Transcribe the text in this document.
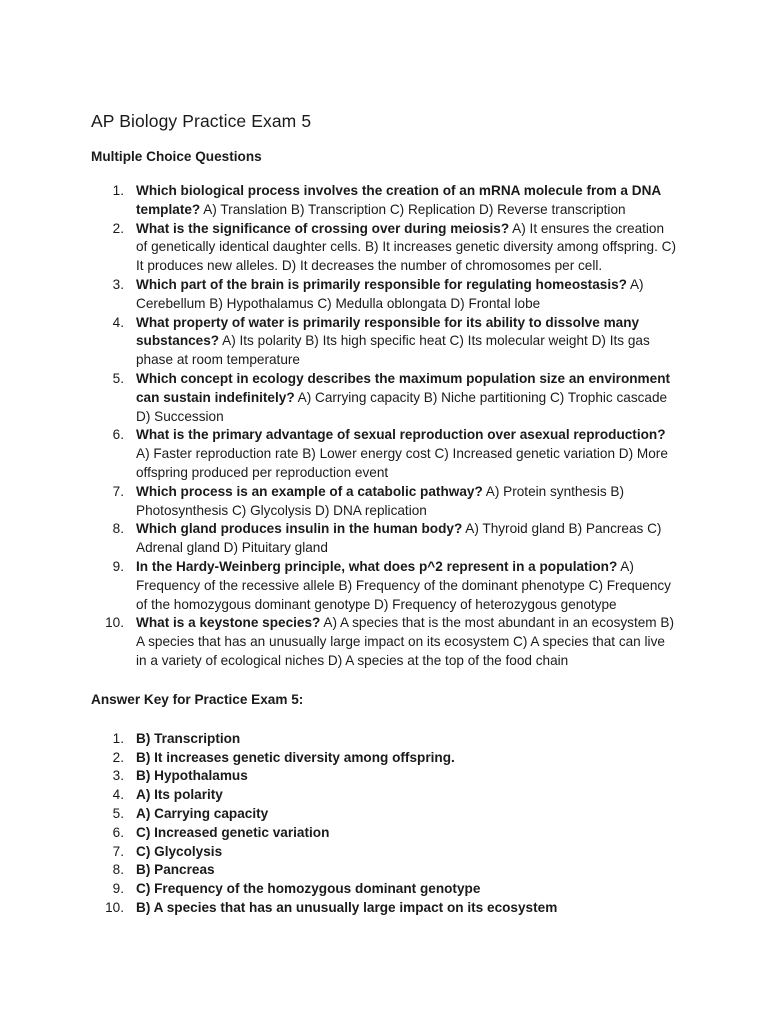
AP Biology Practice Exam 5
Multiple Choice Questions
1. Which biological process involves the creation of an mRNA molecule from a DNA template? A) Translation B) Transcription C) Replication D) Reverse transcription
2. What is the significance of crossing over during meiosis? A) It ensures the creation of genetically identical daughter cells. B) It increases genetic diversity among offspring. C) It produces new alleles. D) It decreases the number of chromosomes per cell.
3. Which part of the brain is primarily responsible for regulating homeostasis? A) Cerebellum B) Hypothalamus C) Medulla oblongata D) Frontal lobe
4. What property of water is primarily responsible for its ability to dissolve many substances? A) Its polarity B) Its high specific heat C) Its molecular weight D) Its gas phase at room temperature
5. Which concept in ecology describes the maximum population size an environment can sustain indefinitely? A) Carrying capacity B) Niche partitioning C) Trophic cascade D) Succession
6. What is the primary advantage of sexual reproduction over asexual reproduction? A) Faster reproduction rate B) Lower energy cost C) Increased genetic variation D) More offspring produced per reproduction event
7. Which process is an example of a catabolic pathway? A) Protein synthesis B) Photosynthesis C) Glycolysis D) DNA replication
8. Which gland produces insulin in the human body? A) Thyroid gland B) Pancreas C) Adrenal gland D) Pituitary gland
9. In the Hardy-Weinberg principle, what does p^2 represent in a population? A) Frequency of the recessive allele B) Frequency of the dominant phenotype C) Frequency of the homozygous dominant genotype D) Frequency of heterozygous genotype
10. What is a keystone species? A) A species that is the most abundant in an ecosystem B) A species that has an unusually large impact on its ecosystem C) A species that can live in a variety of ecological niches D) A species at the top of the food chain
Answer Key for Practice Exam 5:
1. B) Transcription
2. B) It increases genetic diversity among offspring.
3. B) Hypothalamus
4. A) Its polarity
5. A) Carrying capacity
6. C) Increased genetic variation
7. C) Glycolysis
8. B) Pancreas
9. C) Frequency of the homozygous dominant genotype
10. B) A species that has an unusually large impact on its ecosystem
